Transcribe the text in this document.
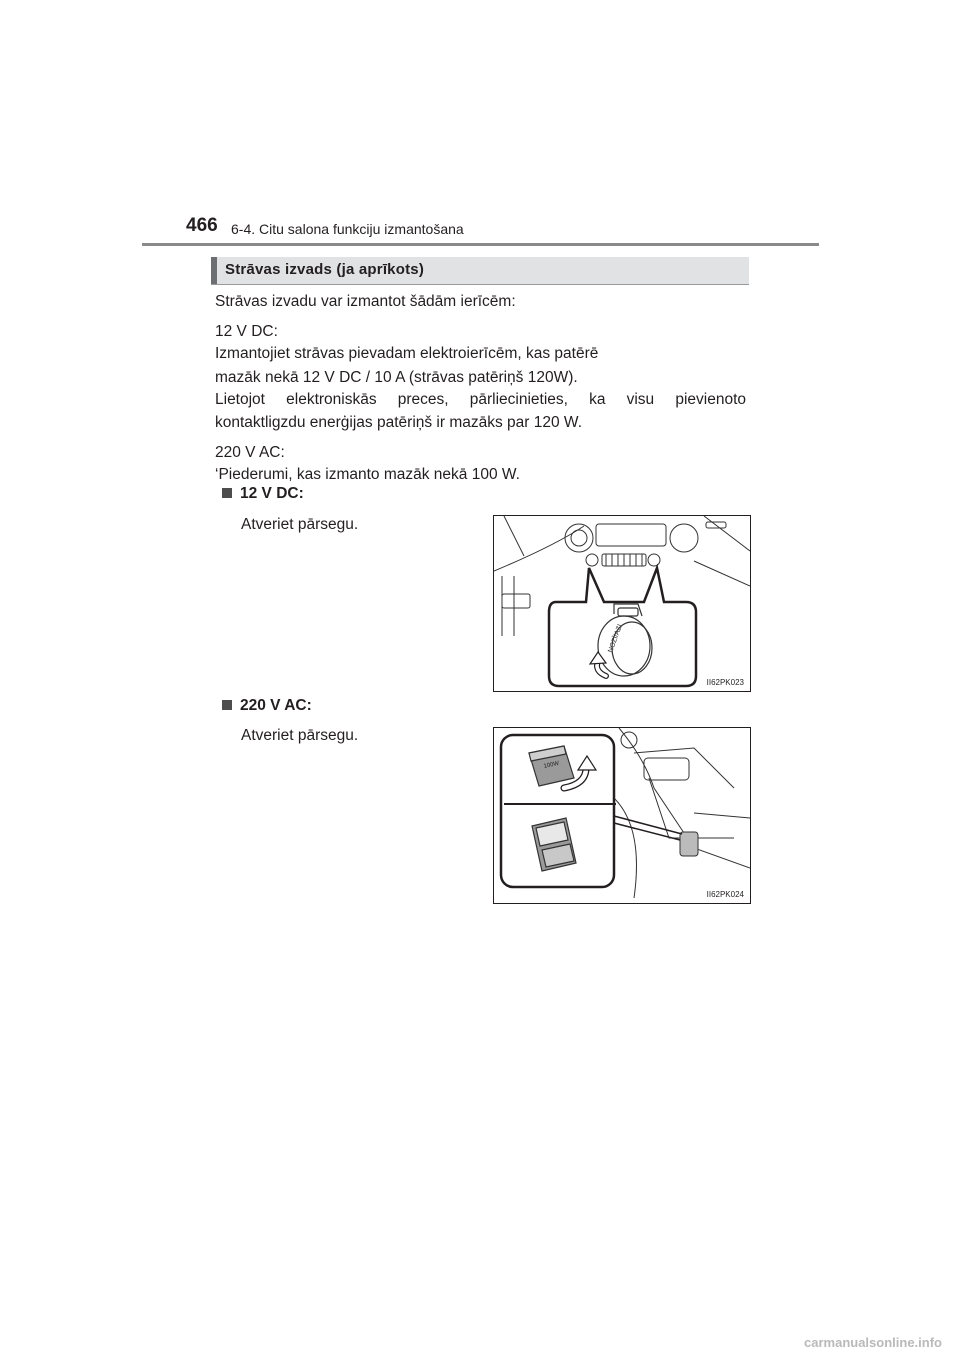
466 6-4. Citu salona funkciju izmantošana
Strāvas izvads (ja aprīkots)
Strāvas izvadu var izmantot šādām ierīcēm:
12 V DC:
Izmantojiet strāvas pievadam elektroierīcēm, kas patērē
mazāk nekā 12 V DC / 10 A (strāvas patēriņš 120W).
Lietojot elektroniskās preces, pārliecinieties, ka visu pievienoto
kontaktligzdu enerģijas patēriņš ir mazāks par 120 W.
220 V AC:
‘Piederumi, kas izmanto mazāk nekā 100 W.
12 V DC:
Atveriet pārsegu.
NOZĪ/AZI
II62PK023
220 V AC:
Atveriet pārsegu.
100W
II62PK024
carmanualsonline.info
